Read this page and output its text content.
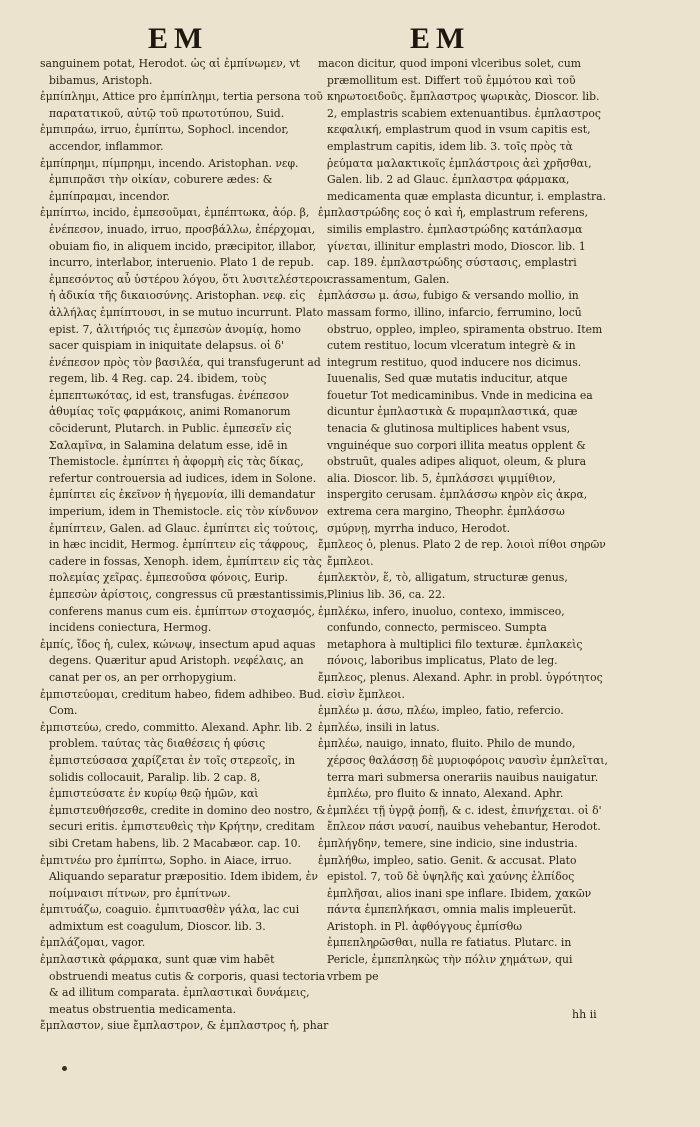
EM	EM

sanguinem potat, Herodot. ὡς αἱ ἐμπίνωμεν, vt bibamus, Aristoph.

ἐμπίπλημι, Attice pro ἐμπίπλημι, tertia persona τοῦ παρατατικοῦ, αὐτῷ τοῦ πρωτοτύπου, Suid.

ἐμπιπράω, irruo, ἐμπίπτω, Sophocl. incendor, accendor, inflammor.

ἐμπίπρημι, πίμπρημι, incendo. Aristophan. νεφ. ἐμπιπρᾶσι τὴν οἰκίαν, coburere ædes: & ἐμπίπραμαι, incendor.

ἐμπίπτω, incido, ἐμπεσοῦμαι, ἐμπέπτωκα, ἀόρ. β, ἐνέπεσον, inuado, irruo, προσβάλλω, ἐπέρχομαι, obuiam fio, in aliquem incido, præcipitor, illabor, incurro, interlabor, interuenio. Plato 1 de repub. ἐμπεσόντος αὖ ὑστέρου λόγου, ὅτι λυσιτελέστερον ἡ ἀδικία τῆς δικαιοσύνης. Aristophan. νεφ. εἰς ἀλλήλας ἐμπίπτουσι, in se mutuo incurrunt. Plato epist. 7, ἀλιτήριός τις ἐμπεσὼν ἀνομίᾳ, homo sacer quispiam in iniquitate delapsus. οἱ δ' ἐνέπεσον πρὸς τὸν βασιλέα, qui transfugerunt ad regem, lib. 4 Reg. cap. 24. ibidem, τοὺς ἐμπεπτωκότας, id est, transfugas. ἐνέπεσον ἀθυμίας τοῖς φαρμάκοις, animi Romanorum cōciderunt, Plutarch. in Public. ἐμπεσεῖν εἰς Σαλαμῖνα, in Salamina delatum esse, idē in Themistocle. ἐμπίπτει ἡ ἀφορμὴ εἰς τὰς δίκας, refertur controuersia ad iudices, idem in Solone. ἐμπίπτει εἰς ἐκεῖνον ἡ ἡγεμονία, illi demandatur imperium, idem in Themistocle. εἰς τὸν κίνδυνον ἐμπίπτειν, Galen. ad Glauc. ἐμπίπτει εἰς τούτοις, in hæc incidit, Hermog. ἐμπίπτειν εἰς τάφρους, cadere in fossas, Xenoph. idem, ἐμπίπτειν εἰς τὰς πολεμίας χεῖρας. ἐμπεσοῦσα φόνοις, Eurip. ἐμπεσὼν ἀρίστοις, congressus cū præstantissimis, conferens manus cum eis. ἐμπίπτων στοχασμός, incidens coniectura, Hermog.

ἐμπίς, ἴδος ἡ, culex, κώνωψ, insectum apud aquas degens. Quæritur apud Aristoph. νεφέλαις, an canat per os, an per orrhopygium.

ἐμπιστεύομαι, creditum habeo, fidem adhibeo. Bud. Com.

ἐμπιστεύω, credo, committo. Alexand. Aphr. lib. 2 problem. ταύτας τὰς διαθέσεις ἡ φύσις ἐμπιστεύσασα χαρίζεται ἐν τοῖς στερεοῖς, in solidis collocauit, Paralip. lib. 2 cap. 8, ἐμπιστεύσατε ἐν κυρίῳ θεῷ ἡμῶν, καὶ ἐμπιστευθήσεσθε, credite in domino deo nostro, & securi eritis. ἐμπιστευθεὶς τὴν Κρήτην, creditam sibi Cretam habens, lib. 2 Macabæor. cap. 10.

ἐμπιτνέω pro ἐμπίπτω, Sopho. in Aiace, irruo. Aliquando separatur præpositio. Idem ibidem, ἐν ποίμναισι πίτνων, pro ἐμπίτνων.

ἐμπιτυάζω, coaguio. ἐμπιτυασθὲν γάλα, lac cui admixtum est coagulum, Dioscor. lib. 3.

ἐμπλάζομαι, vagor.

ἐμπλαστικὰ φάρμακα, sunt quæ vim habēt obstruendi meatus cutis & corporis, quasi tectoria & ad illitum comparata. ἐμπλαστικαὶ δυνάμεις, meatus obstruentia medicamenta.

ἔμπλαστον, siue ἔμπλαστρον, & ἐμπλαστρος ἡ, phar

macon dicitur, quod imponi vlceribus solet, cum præmollitum est. Differt τοῦ ἐμμότου καὶ τοῦ κηρωτοειδοῦς. ἔμπλαστρος ψωρικὰς, Dioscor. lib. 2, emplastris scabiem extenuantibus. ἐμπλαστρος κεφαλική, emplastrum quod in vsum capitis est, emplastrum capitis, idem lib. 3. τοῖς πρὸς τὰ ῥεύματα μαλακτικοῖς ἐμπλάστροις ἀεὶ χρῆσθαι, Galen. lib. 2 ad Glauc. ἐμπλαστρα φάρμακα, medicamenta quæ emplasta dicuntur, i. emplastra.

ἐμπλαστρώδης εος ὁ καὶ ἡ, emplastrum referens, similis emplastro. ἐμπλαστρώδης κατάπλασμα γίνεται, illinitur emplastri modo, Dioscor. lib. 1 cap. 189. ἐμπλαστρώδης σύστασις, emplastri crassamentum, Galen.

ἐμπλάσσω μ. άσω, fubigo & versando mollio, in massam formo, illino, infarcio, ferrumino, locū obstruo, oppleo, impleo, spiramenta obstruo. Item cutem restituo, locum vlceratum integrè & in integrum restituo, quod inducere nos dicimus. Iuuenalis, Sed quæ mutatis inducitur, atque fouetur Tot medicaminibus. Vnde in medicina ea dicuntur ἐμπλαστικὰ & πυραμπλαστικά, quæ tenacia & glutinosa multiplices habent vsus, vnguinéque suo corpori illita meatus opplent & obstruūt, quales adipes aliquot, oleum, & plura alia. Dioscor. lib. 5, ἐμπλάσσει ψιμμίθιον, inspergito cerusam. ἐμπλάσσω κηρὸν εἰς ἀκρα, extrema cera margino, Theophr. ἐμπλάσσω σμύρνῃ, myrrha induco, Herodot.

ἔμπλεος ὁ, plenus. Plato 2 de rep. λοιοὶ πίθοι σηρῶν ἔμπλεοι.

ἐμπλεκτὸν, ἕ, τὸ, alligatum, structuræ genus, Plinius lib. 36, ca. 22.

ἐμπλέκω, infero, inuoluo, contexo, immisceo, confundo, connecto, permisceo. Sumpta metaphora à multiplici filo texturæ. ἐμπλακεὶς πόνοις, laboribus implicatus, Plato de leg.

ἔμπλεος, plenus. Alexand. Aphr. in probl. ὑγρότητος εἰσὶν ἔμπλεοι.

ἐμπλέω μ. άσω, πλέω, impleo, fatio, refercio.

ἐμπλέω, insili in latus.

ἐμπλέω, nauigo, innato, fluito. Philo de mundo, χέρσος θαλάσσῃ δὲ μυριοφόροις ναυσὶν ἐμπλεῖται, terra mari submersa onerariis nauibus nauigatur. ἐμπλέω, pro fluito & innato, Alexand. Aphr. ἐμπλέει τῇ ὑγρᾷ ῥοπῇ, & c. idest, ἐπινήχεται. οἱ δ' ἔπλεον πάσι ναυσί, nauibus vehebantur, Herodot.

ἐμπλήγδην, temere, sine indicio, sine industria.

ἐμπλήθω, impleo, satio. Genit. & accusat. Plato epistol. 7, τοῦ δὲ ὑψηλῆς καὶ χαύνης ἐλπίδος ἐμπλῆσαι, alios inani spe inflare. Ibidem, χακῶν πάντα ἐμπεπλήκασι, omnia malis impleuerūt. Aristoph. in Pl. ἀφθόγγους ἐμπίσθω ἐμπεπληρῶσθαι, nulla re fatiatus. Plutarc. in Pericle, ἐμπεπληκὼς τὴν πόλιν χημάτων, qui vrbem pe

hh ii
